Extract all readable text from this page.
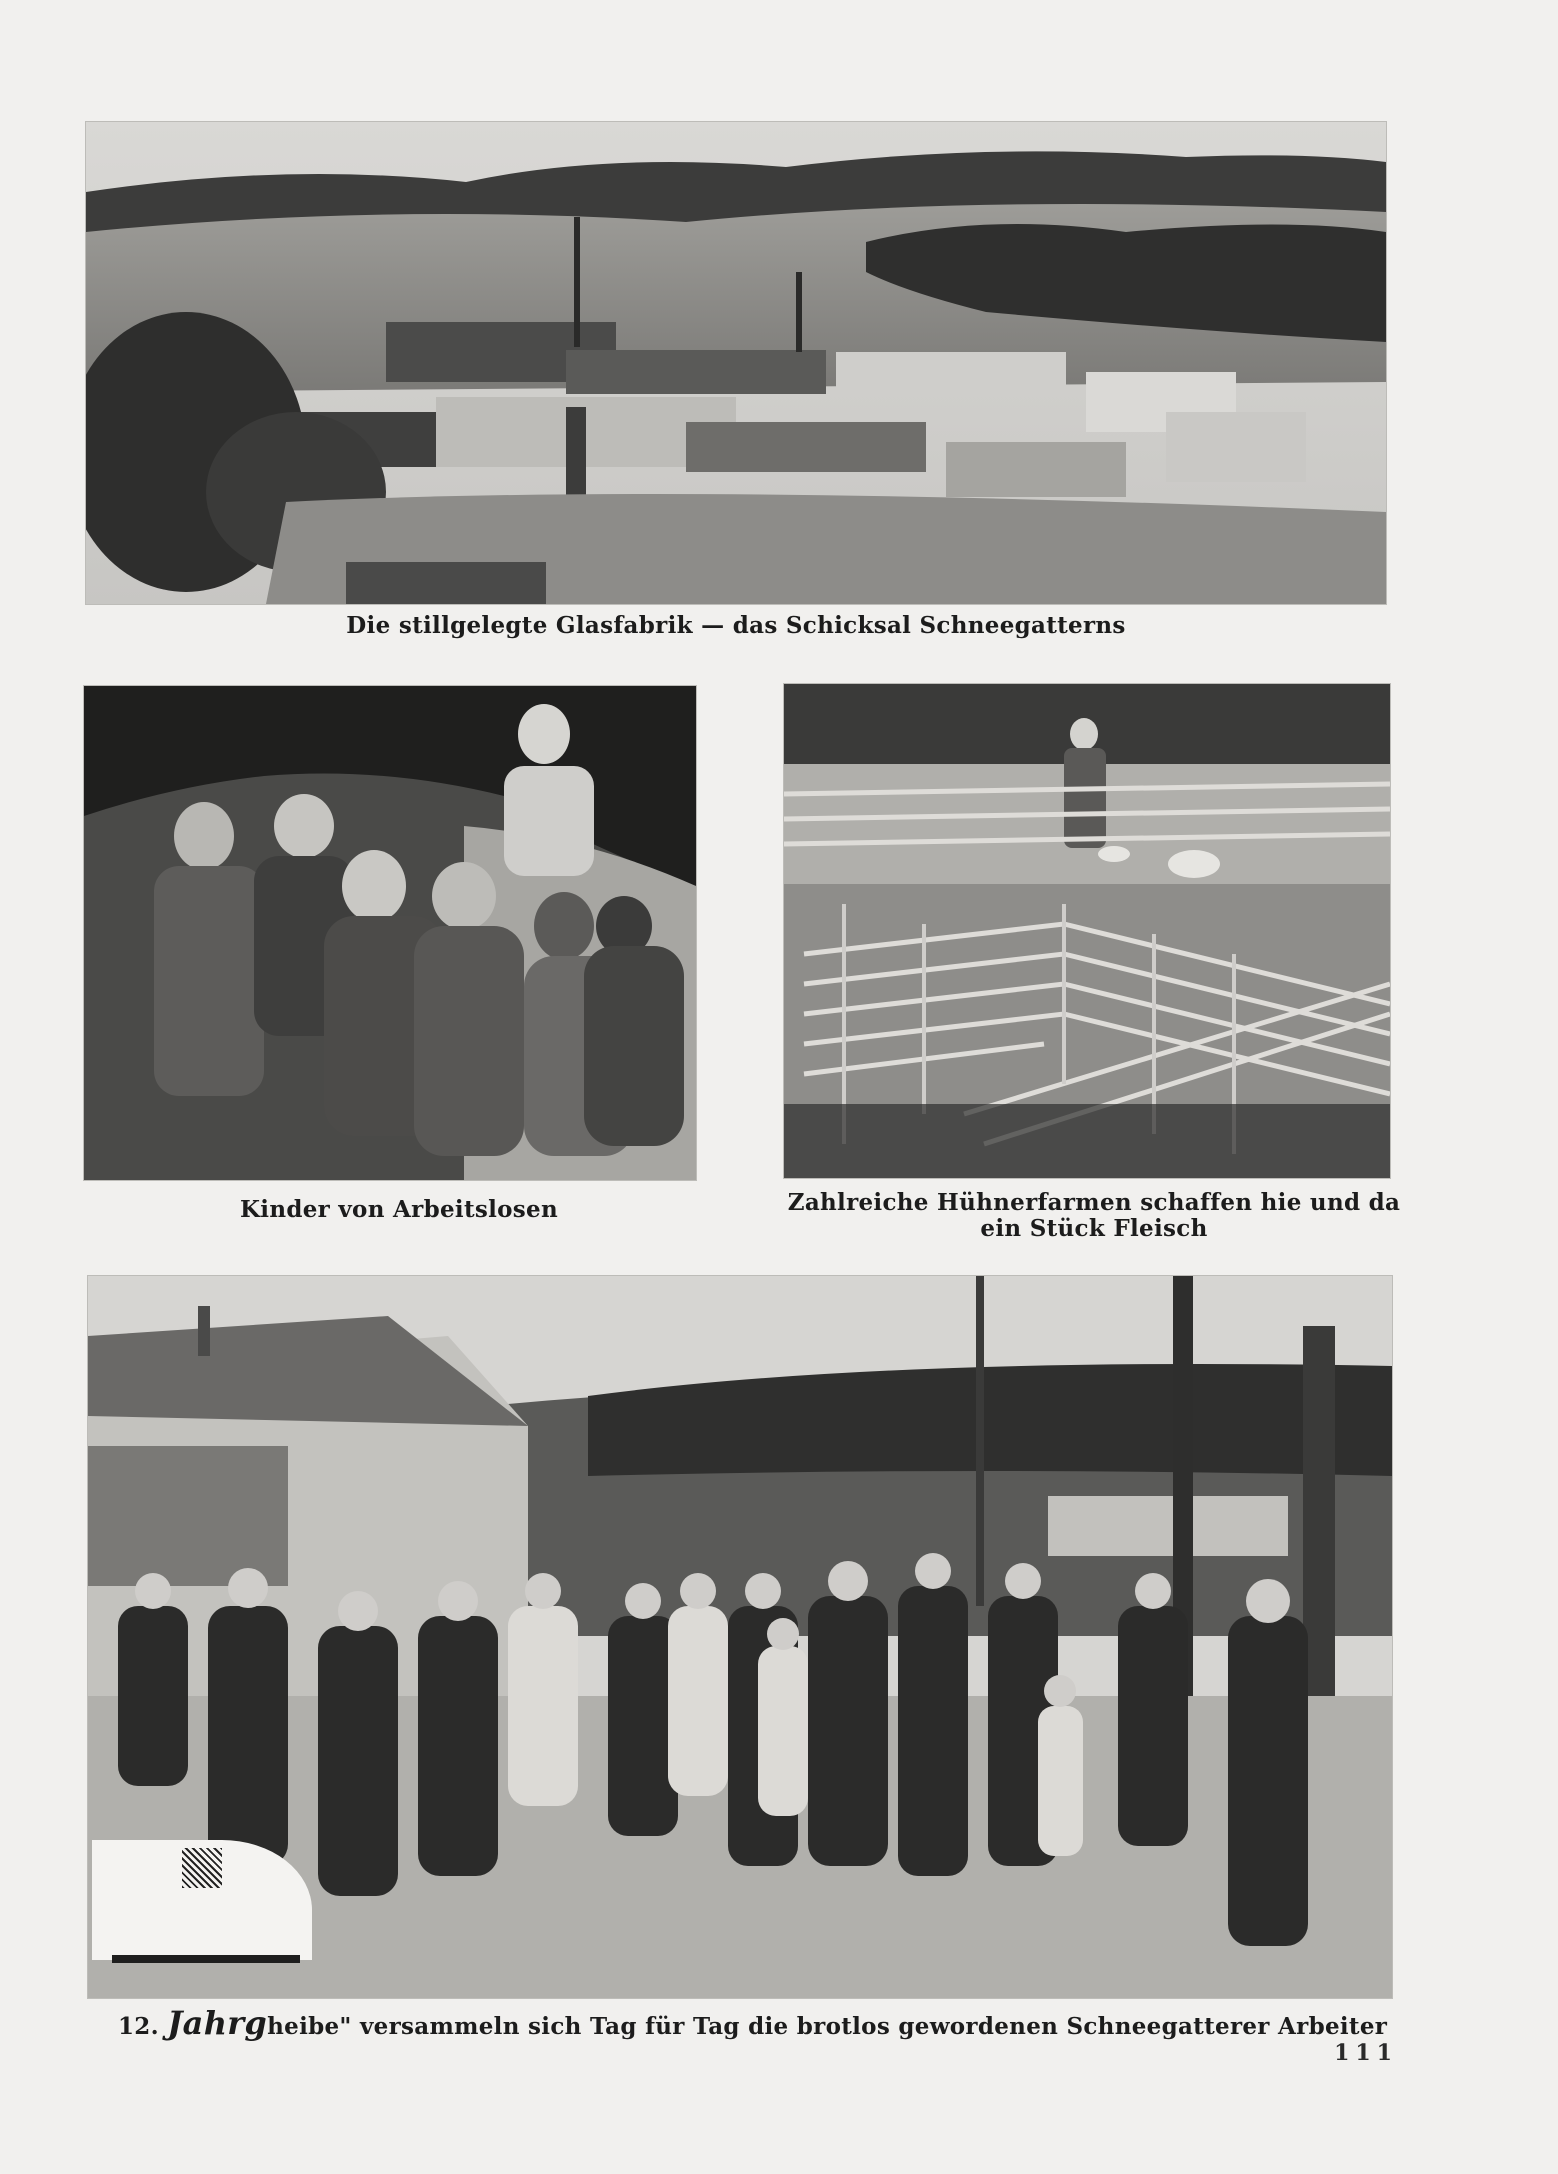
Die stillgelegte Glasfabrik — das Schicksal Schneegatterns
Kinder von Arbeitslosen	Zahlreiche Hühnerfarmen schaffen hie und da
ein Stück Fleisch
12. Jahrgheibe" versammeln sich Tag für Tag die brotlos gewordenen Schneegatterer Arbeiter
111
